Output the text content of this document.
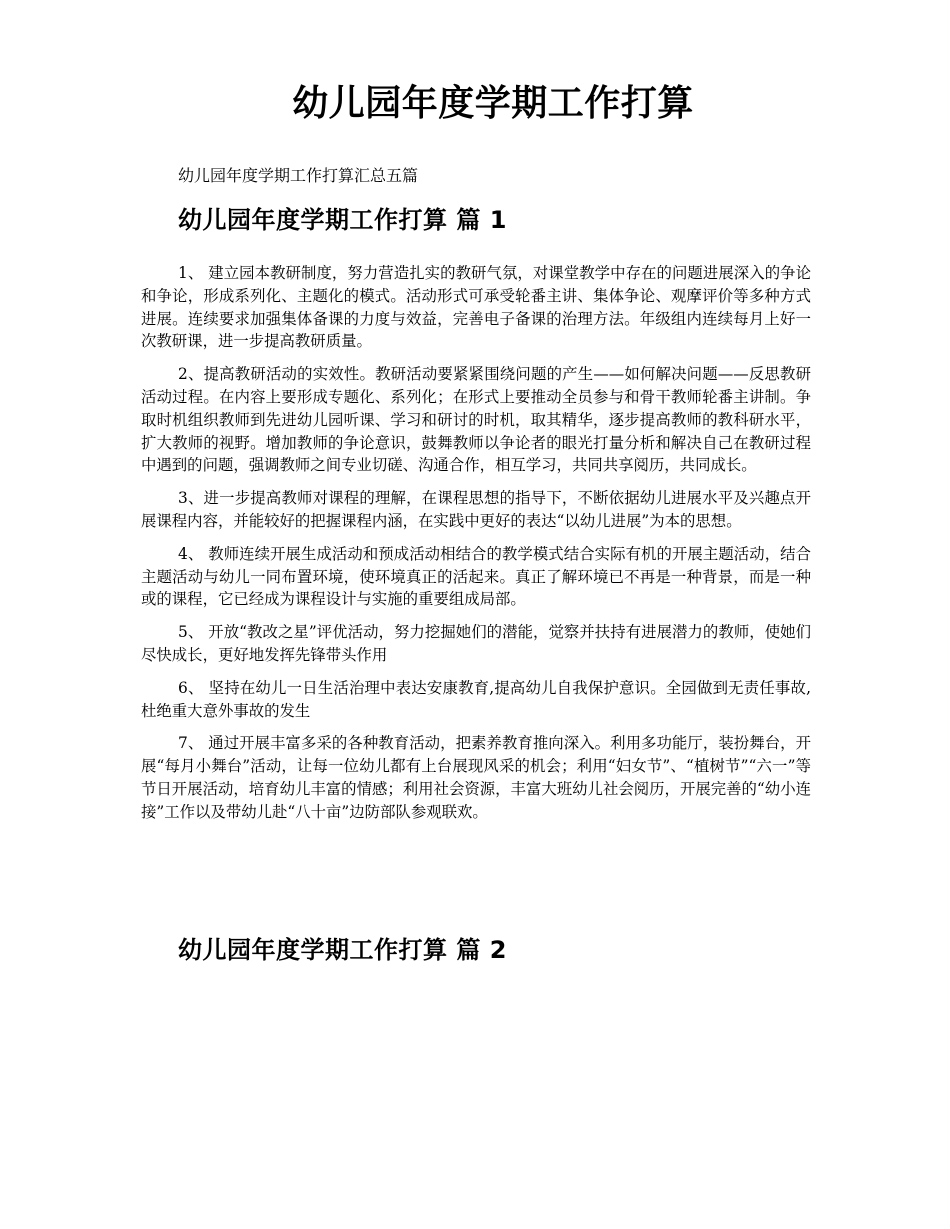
幼儿园年度学期工作打算

幼儿园年度学期工作打算汇总五篇

幼儿园年度学期工作打算 篇 1

1、 建立园本教研制度，努力营造扎实的教研气氛，对课堂教学中存在的问题进展深入的争论和争论，形成系列化、主题化的模式。活动形式可承受轮番主讲、集体争论、观摩评价等多种方式进展。连续要求加强集体备课的力度与效益，完善电子备课的治理方法。年级组内连续每月上好一次教研课，进一步提高教研质量。

2、提高教研活动的实效性。教研活动要紧紧围绕问题的产生——如何解决问题——反思教研活动过程。在内容上要形成专题化、系列化；在形式上要推动全员参与和骨干教师轮番主讲制。争取时机组织教师到先进幼儿园听课、学习和研讨的时机，取其精华，逐步提高教师的教科研水平，扩大教师的视野。增加教师的争论意识，鼓舞教师以争论者的眼光打量分析和解决自己在教研过程中遇到的问题，强调教师之间专业切磋、沟通合作，相互学习，共同共享阅历，共同成长。

3、进一步提高教师对课程的理解，在课程思想的指导下，不断依据幼儿进展水平及兴趣点开展课程内容，并能较好的把握课程内涵，在实践中更好的表达“以幼儿进展”为本的思想。

4、 教师连续开展生成活动和预成活动相结合的教学模式结合实际有机的开展主题活动，结合主题活动与幼儿一同布置环境，使环境真正的活起来。真正了解环境已不再是一种背景，而是一种或的课程，它已经成为课程设计与实施的重要组成局部。

5、 开放“教改之星”评优活动，努力挖掘她们的潜能，觉察并扶持有进展潜力的教师，使她们尽快成长，更好地发挥先锋带头作用

6、 坚持在幼儿一日生活治理中表达安康教育,提高幼儿自我保护意识。全园做到无责任事故,杜绝重大意外事故的发生

7、 通过开展丰富多采的各种教育活动，把素养教育推向深入。利用多功能厅，装扮舞台，开展“每月小舞台”活动，让每一位幼儿都有上台展现风采的机会；利用“妇女节”、“植树节”“六一”等节日开展活动，培育幼儿丰富的情感；利用社会资源，丰富大班幼儿社会阅历，开展完善的“幼小连接”工作以及带幼儿赴“八十亩”边防部队参观联欢。

幼儿园年度学期工作打算 篇 2
